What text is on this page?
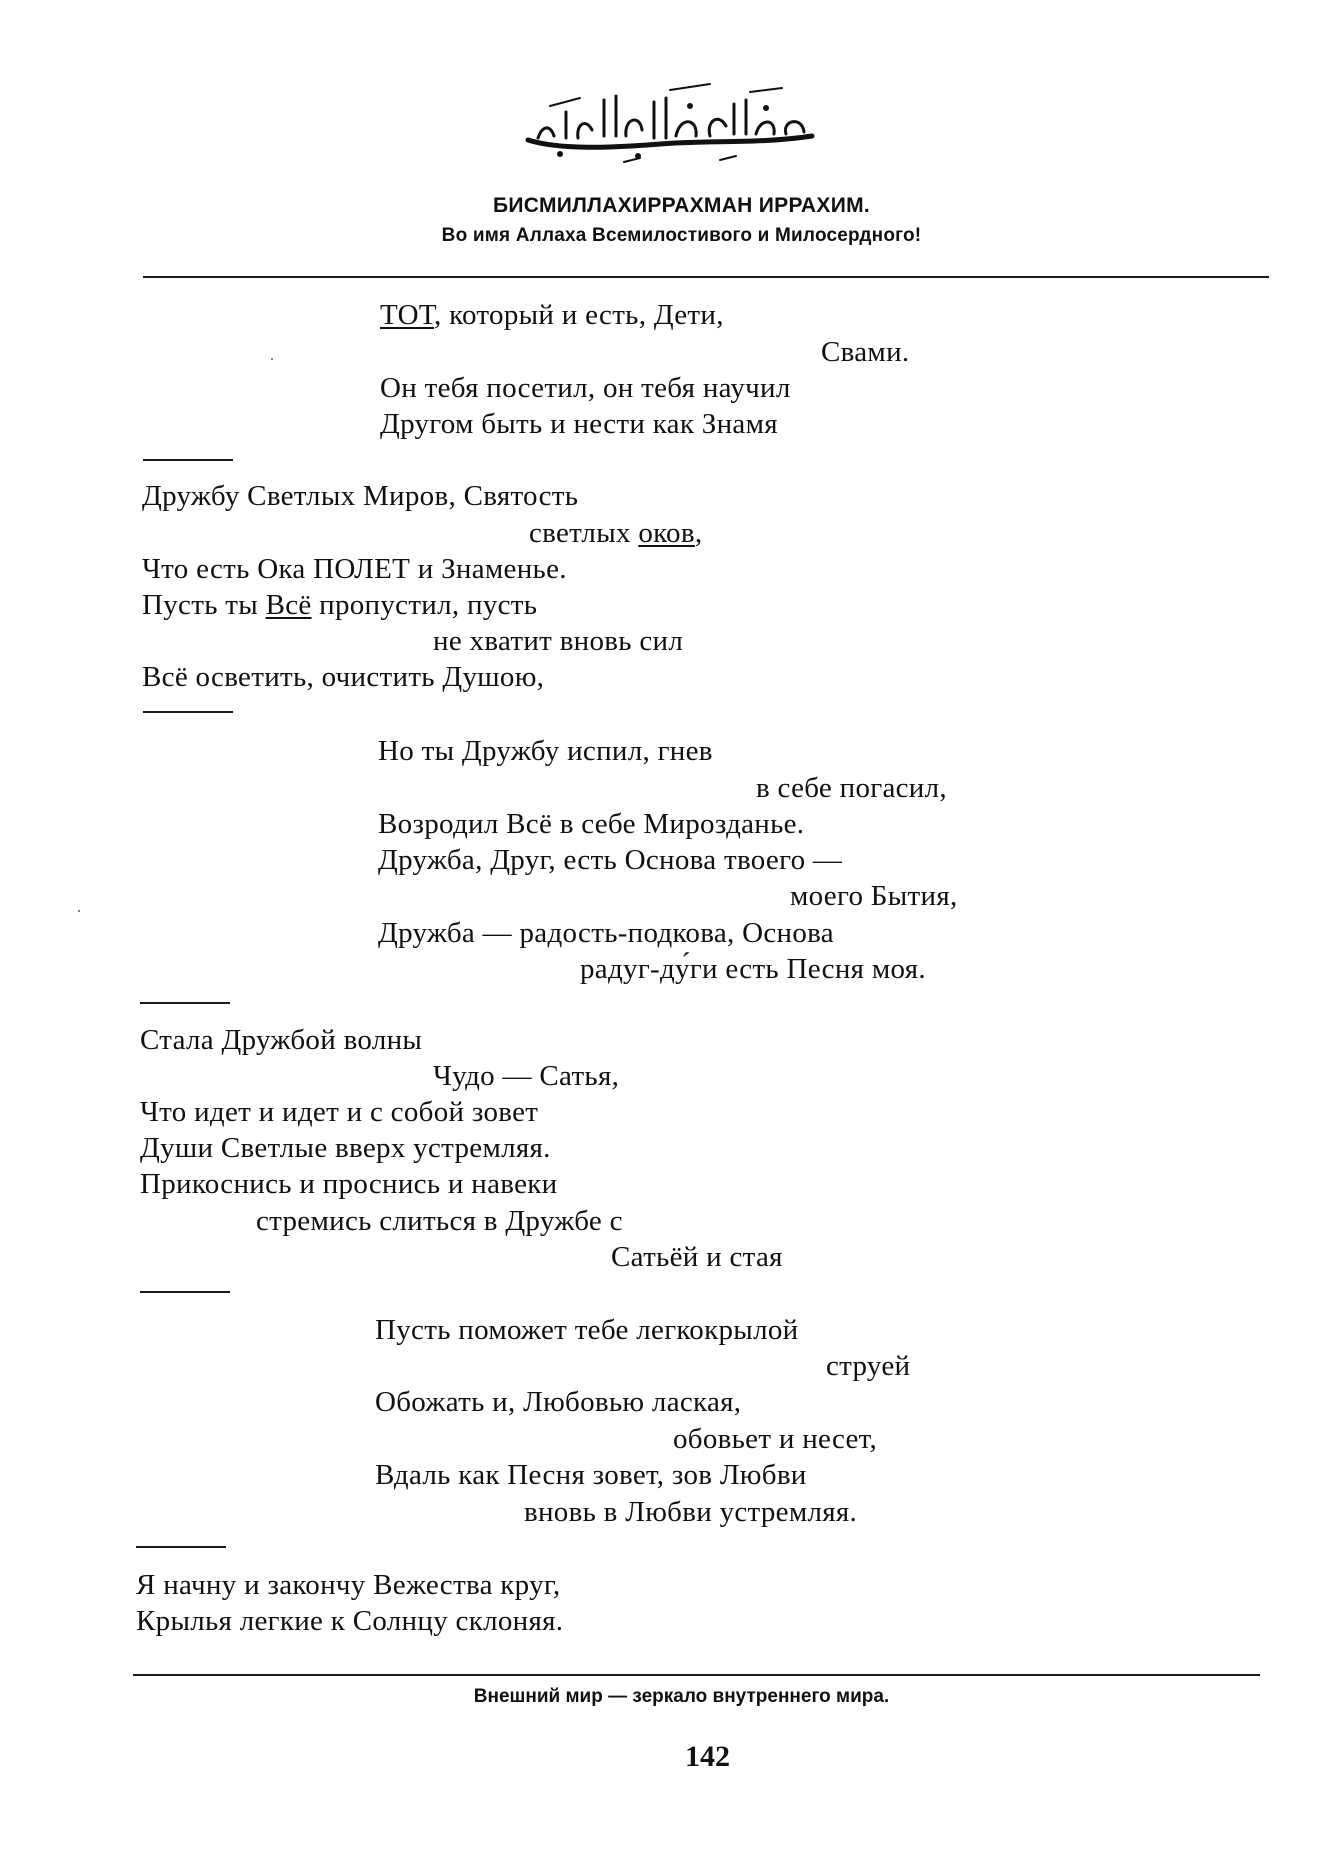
БИСМИЛЛАХИРРАХМАН ИРРАХИМ.

Во имя Аллаха Всемилостивого и Милосердного!

ТОТ, который и есть, Дети,

Свами.

Он тебя посетил, он тебя научил

Другом быть и нести как Знамя

Дружбу Светлых Миров, Святость

светлых оков,

Что есть Ока ПОЛЕТ и Знаменье.

Пусть ты Всё пропустил, пусть

не хватит вновь сил

Всё осветить, очистить Душою,

Но ты Дружбу испил, гнев

в себе погасил,

Возродил Всё в себе Мирозданье.

Дружба, Друг, есть Основа твоего —

моего Бытия,

Дружба — радость-подкова, Основа

радуг-ду́ги есть Песня моя.

Стала Дружбой волны

Чудо — Сатья,

Что идет и идет и с собой зовет

Души Светлые вверх устремляя.

Прикоснись и проснись и навеки

стремись слиться в Дружбе с

Сатьёй и стая

Пусть поможет тебе легкокрылой

струей

Обожать и, Любовью лаская,

обовьет и несет,

Вдаль как Песня зовет, зов Любви

вновь в Любви устремляя.

Я начну и закончу Вежества круг,

Крылья легкие к Солнцу склоняя.

Внешний мир — зеркало внутреннего мира.

142
